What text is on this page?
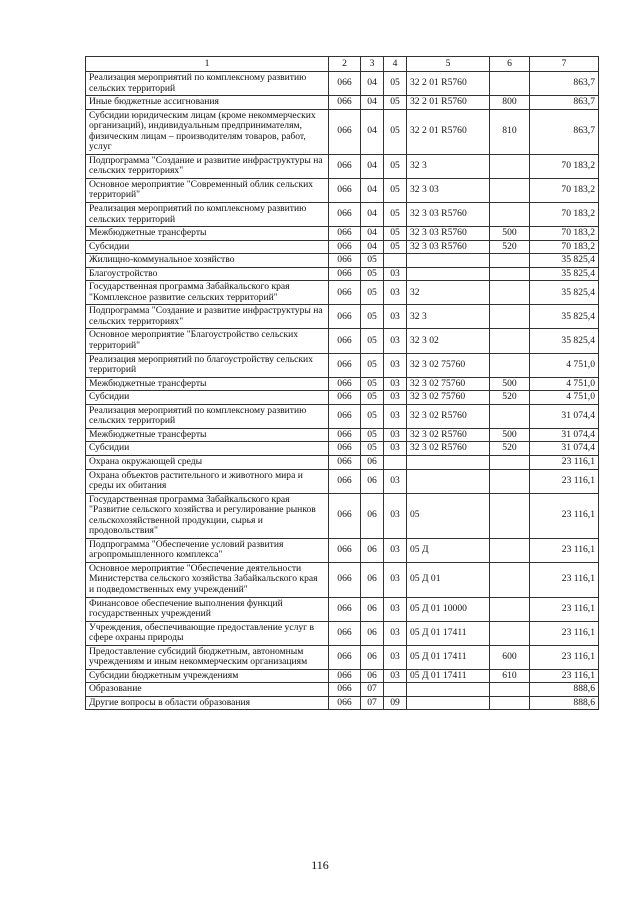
1	2	3	4	5	6	7
Реализация мероприятий по комплексному развитию сельских территорий	066	04	05	32 2 01 R5760		863,7
Иные бюджетные ассигнования	066	04	05	32 2 01 R5760	800	863,7
Субсидии юридическим лицам (кроме некоммерческих организаций), индивидуальным предпринимателям, физическим лицам – производителям товаров, работ, услуг	066	04	05	32 2 01 R5760	810	863,7
Подпрограмма "Создание и развитие инфраструктуры на сельских территориях"	066	04	05	32 3		70 183,2
Основное мероприятие "Современный облик сельских территорий"	066	04	05	32 3 03		70 183,2
Реализация мероприятий по комплексному развитию сельских территорий	066	04	05	32 3 03 R5760		70 183,2
Межбюджетные трансферты	066	04	05	32 3 03 R5760	500	70 183,2
Субсидии	066	04	05	32 3 03 R5760	520	70 183,2
Жилищно-коммунальное хозяйство	066	05				35 825,4
Благоустройство	066	05	03			35 825,4
Государственная программа Забайкальского края "Комплексное развитие сельских территорий"	066	05	03	32		35 825,4
Подпрограмма "Создание и развитие инфраструктуры на сельских территориях"	066	05	03	32 3		35 825,4
Основное мероприятие "Благоустройство сельских территорий"	066	05	03	32 3 02		35 825,4
Реализация мероприятий по благоустройству сельских территорий	066	05	03	32 3 02 75760		4 751,0
Межбюджетные трансферты	066	05	03	32 3 02 75760	500	4 751,0
Субсидии	066	05	03	32 3 02 75760	520	4 751,0
Реализация мероприятий по комплексному развитию сельских территорий	066	05	03	32 3 02 R5760		31 074,4
Межбюджетные трансферты	066	05	03	32 3 02 R5760	500	31 074,4
Субсидии	066	05	03	32 3 02 R5760	520	31 074,4
Охрана окружающей среды	066	06				23 116,1
Охрана объектов растительного и животного мира и среды их обитания	066	06	03			23 116,1
Государственная программа Забайкальского края "Развитие сельского хозяйства и регулирование рынков сельскохозяйственной продукции, сырья и продовольствия"	066	06	03	05		23 116,1
Подпрограмма "Обеспечение условий развития агропромышленного комплекса"	066	06	03	05 Д		23 116,1
Основное мероприятие "Обеспечение деятельности Министерства сельского хозяйства Забайкальского края и подведомственных ему учреждений"	066	06	03	05 Д 01		23 116,1
Финансовое обеспечение выполнения функций государственных учреждений	066	06	03	05 Д 01 10000		23 116,1
Учреждения, обеспечивающие предоставление услуг в сфере охраны природы	066	06	03	05 Д 01 17411		23 116,1
Предоставление субсидий бюджетным, автономным учреждениям и иным некоммерческим организациям	066	06	03	05 Д 01 17411	600	23 116,1
Субсидии бюджетным учреждениям	066	06	03	05 Д 01 17411	610	23 116,1
Образование	066	07				888,6
Другие вопросы в области образования	066	07	09			888,6
116
